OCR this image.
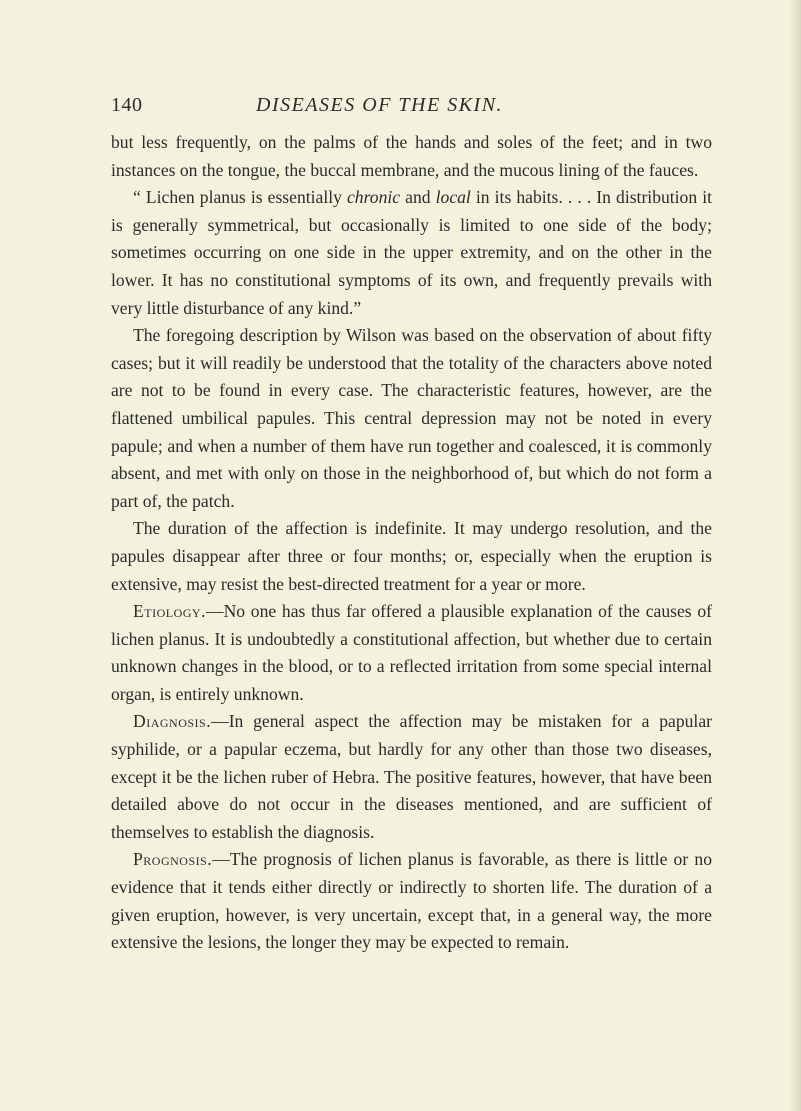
140	DISEASES OF THE SKIN.

but less frequently, on the palms of the hands and soles of the feet; and in two instances on the tongue, the buccal membrane, and the mucous lining of the fauces.

“ Lichen planus is essentially chronic and local in its habits. . . . In distribution it is generally symmetrical, but occasionally is limited to one side of the body; sometimes occurring on one side in the upper extremity, and on the other in the lower. It has no constitutional symptoms of its own, and frequently prevails with very little disturbance of any kind.”

The foregoing description by Wilson was based on the observation of about fifty cases; but it will readily be understood that the totality of the characters above noted are not to be found in every case. The characteristic features, however, are the flattened umbilical papules. This central depression may not be noted in every papule; and when a number of them have run together and coalesced, it is commonly absent, and met with only on those in the neighborhood of, but which do not form a part of, the patch.

The duration of the affection is indefinite. It may undergo resolution, and the papules disappear after three or four months; or, especially when the eruption is extensive, may resist the best-directed treatment for a year or more.

Etiology.—No one has thus far offered a plausible explanation of the causes of lichen planus. It is undoubtedly a constitutional affection, but whether due to certain unknown changes in the blood, or to a reflected irritation from some special internal organ, is entirely unknown.

Diagnosis.—In general aspect the affection may be mistaken for a papular syphilide, or a papular eczema, but hardly for any other than those two diseases, except it be the lichen ruber of Hebra. The positive features, however, that have been detailed above do not occur in the diseases mentioned, and are sufficient of themselves to establish the diagnosis.

Prognosis.—The prognosis of lichen planus is favorable, as there is little or no evidence that it tends either directly or indirectly to shorten life. The duration of a given eruption, however, is very uncertain, except that, in a general way, the more extensive the lesions, the longer they may be expected to remain.
